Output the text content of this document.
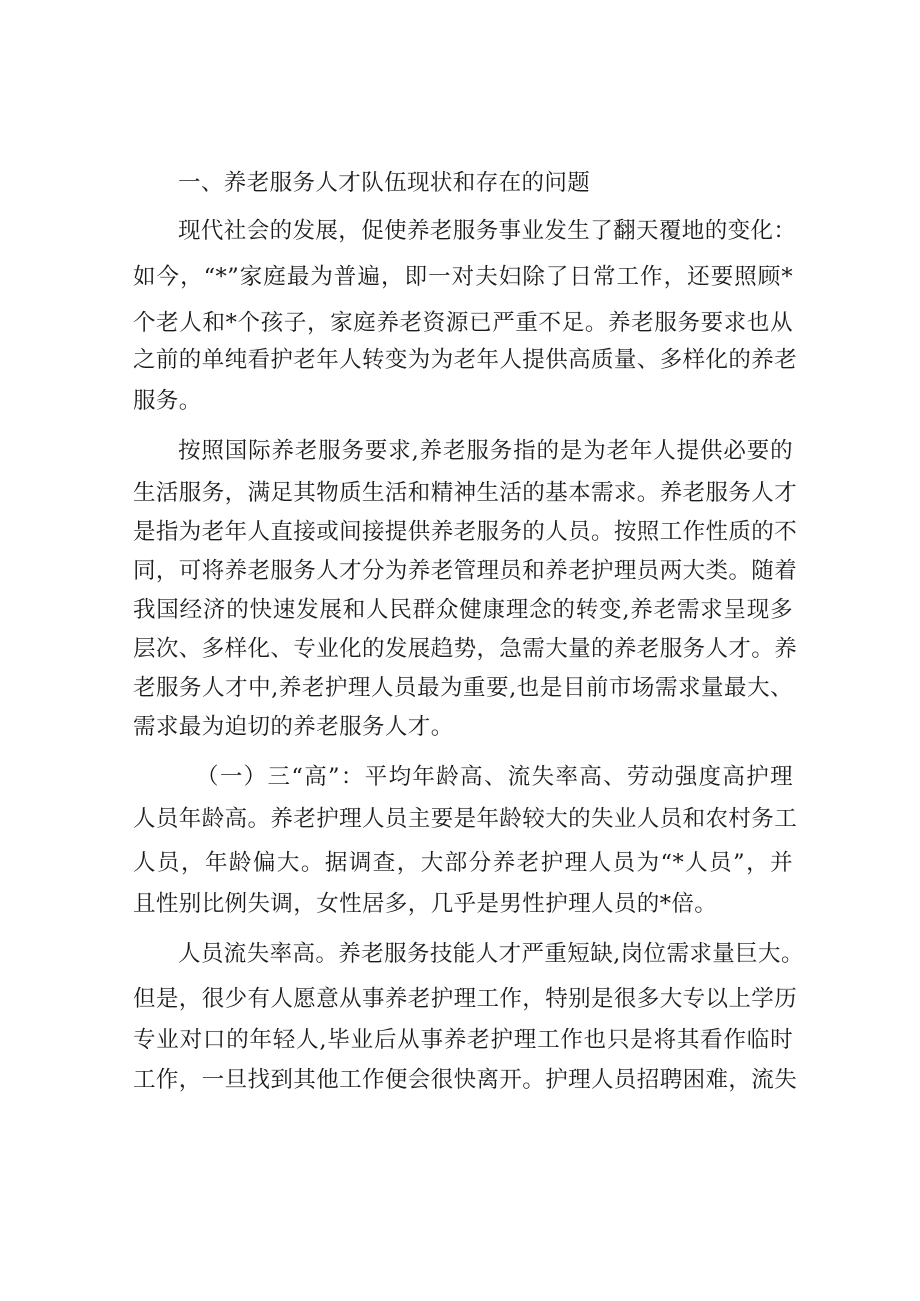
一、养老服务人才队伍现状和存在的问题
现代社会的发展，促使养老服务事业发生了翻天覆地的变化：
如今，“*”家庭最为普遍，即一对夫妇除了日常工作，还要照顾*
个老人和*个孩子，家庭养老资源已严重不足。养老服务要求也从
之前的单纯看护老年人转变为为老年人提供高质量、多样化的养老
服务。
按照国际养老服务要求,养老服务指的是为老年人提供必要的
生活服务，满足其物质生活和精神生活的基本需求。养老服务人才
是指为老年人直接或间接提供养老服务的人员。按照工作性质的不
同，可将养老服务人才分为养老管理员和养老护理员两大类。随着
我国经济的快速发展和人民群众健康理念的转变,养老需求呈现多
层次、多样化、专业化的发展趋势，急需大量的养老服务人才。养
老服务人才中,养老护理人员最为重要,也是目前市场需求量最大、
需求最为迫切的养老服务人才。
（一）三“高”：平均年龄高、流失率高、劳动强度高护理
人员年龄高。养老护理人员主要是年龄较大的失业人员和农村务工
人员，年龄偏大。据调查，大部分养老护理人员为“*人员”，并
且性别比例失调，女性居多，几乎是男性护理人员的*倍。
人员流失率高。养老服务技能人才严重短缺,岗位需求量巨大。
但是，很少有人愿意从事养老护理工作，特别是很多大专以上学历
专业对口的年轻人,毕业后从事养老护理工作也只是将其看作临时
工作，一旦找到其他工作便会很快离开。护理人员招聘困难，流失
